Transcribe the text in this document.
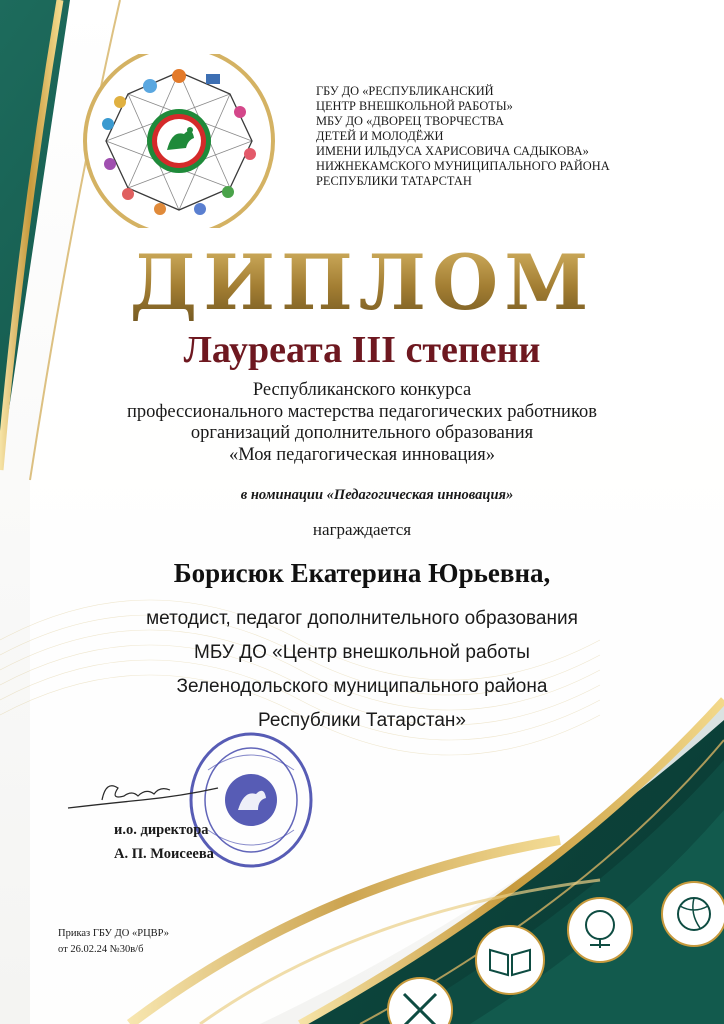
ГБУ ДО «РЕСПУБЛИКАНСКИЙ
ЦЕНТР ВНЕШКОЛЬНОЙ РАБОТЫ»
МБУ ДО «ДВОРЕЦ ТВОРЧЕСТВА
ДЕТЕЙ И МОЛОДЁЖИ
ИМЕНИ ИЛЬДУСА ХАРИСОВИЧА САДЫКОВА»
НИЖНЕКАМСКОГО МУНИЦИПАЛЬНОГО РАЙОНА
РЕСПУБЛИКИ ТАТАРСТАН
ДИПЛОМ
Лауреата III степени
Республиканского конкурса
профессионального мастерства педагогических работников
организаций дополнительного образования
«Моя педагогическая инновация»
в номинации «Педагогическая инновация»
награждается
Борисюк Екатерина Юрьевна,
методист, педагог дополнительного образования
МБУ ДО «Центр внешкольной работы
Зеленодольского муниципального района
Республики Татарстан»
и.о. директора
А. П. Моисеева
Приказ ГБУ ДО «РЦВР»
от 26.02.24 №30в/б
